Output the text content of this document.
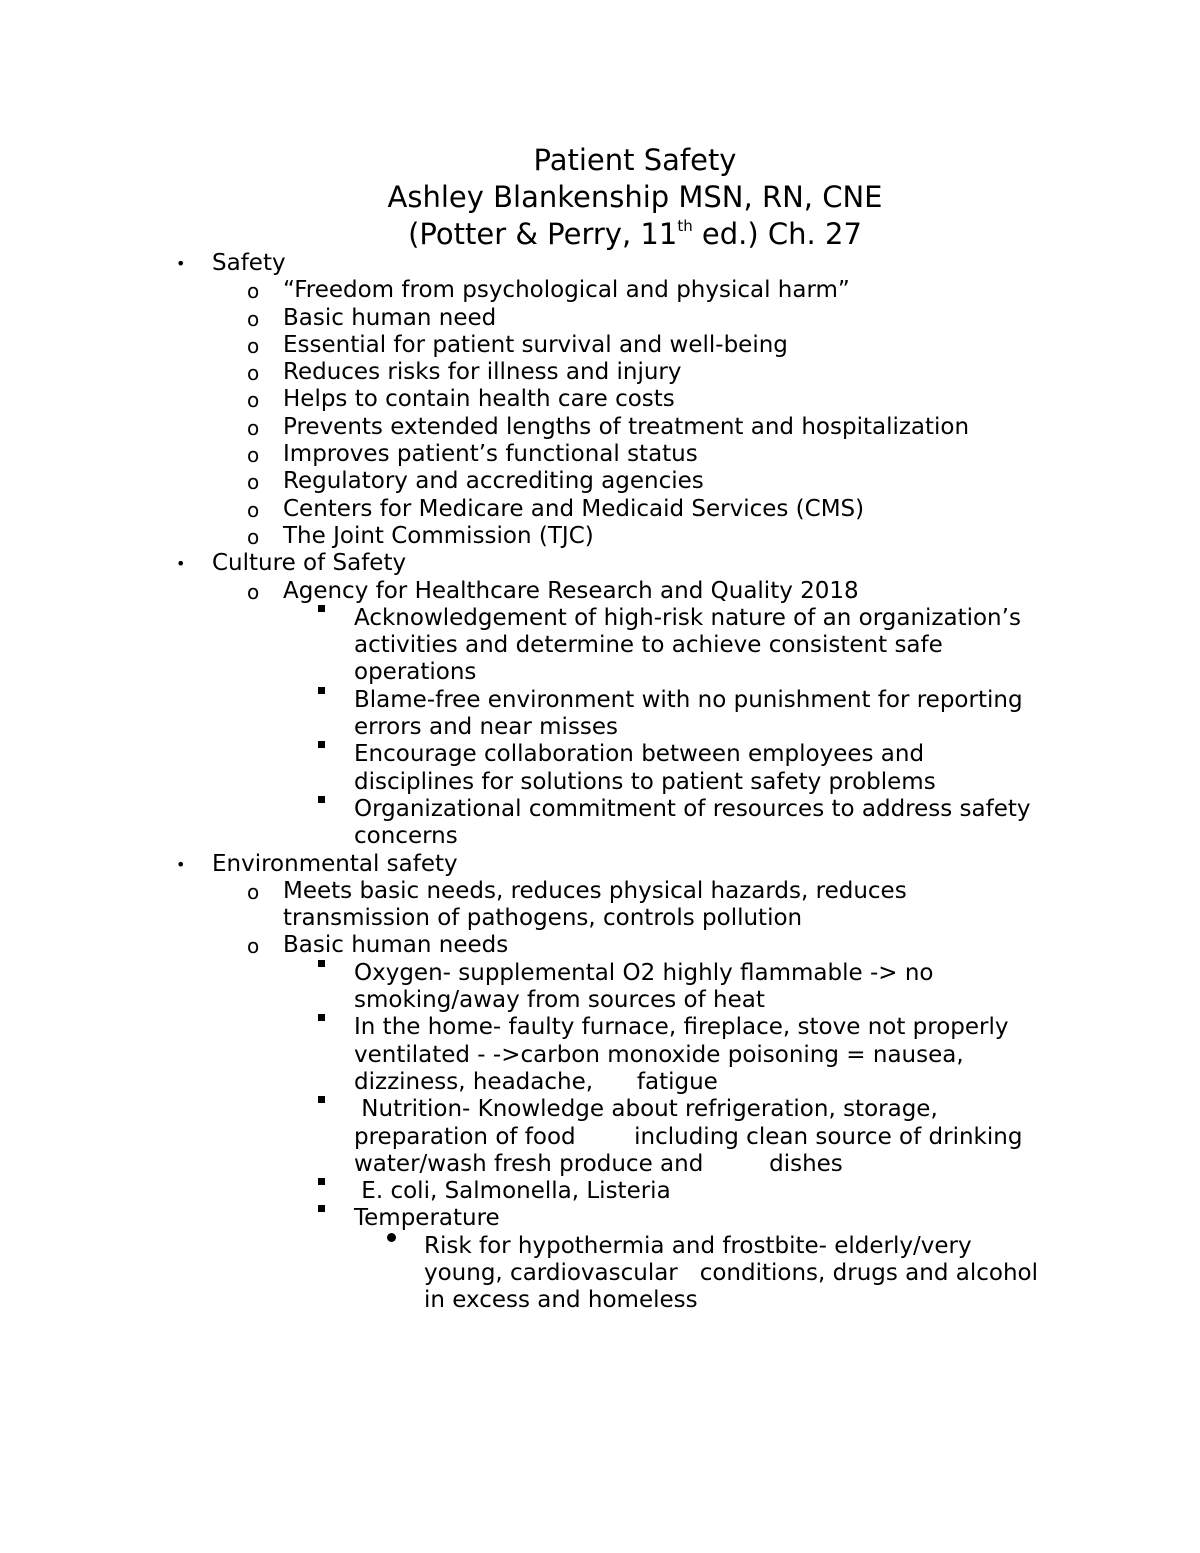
Patient Safety
Ashley Blankenship MSN, RN, CNE
(Potter & Perry, 11th ed.) Ch. 27
• Safety
o “Freedom from psychological and physical harm”
o Basic human need
o Essential for patient survival and well-being
o Reduces risks for illness and injury
o Helps to contain health care costs
o Prevents extended lengths of treatment and hospitalization
o Improves patient’s functional status
o Regulatory and accrediting agencies
o Centers for Medicare and Medicaid Services (CMS)
o The Joint Commission (TJC)
• Culture of Safety
o Agency for Healthcare Research and Quality 2018
Acknowledgement of high-risk nature of an organization’s
activities and determine to achieve consistent safe
operations
Blame-free environment with no punishment for reporting
errors and near misses
Encourage collaboration between employees and
disciplines for solutions to patient safety problems
Organizational commitment of resources to address safety
concerns
• Environmental safety
o Meets basic needs, reduces physical hazards, reduces
transmission of pathogens, controls pollution
o Basic human needs
Oxygen- supplemental O2 highly flammable -> no
smoking/away from sources of heat
In the home- faulty furnace, fireplace, stove not properly
ventilated - ->carbon monoxide poisoning = nausea,
dizziness, headache,      fatigue
Nutrition- Knowledge about refrigeration, storage,
preparation of food        including clean source of drinking
water/wash fresh produce and         dishes
E. coli, Salmonella, Listeria
Temperature
Risk for hypothermia and frostbite- elderly/very
young, cardiovascular   conditions, drugs and alcohol
in excess and homeless
